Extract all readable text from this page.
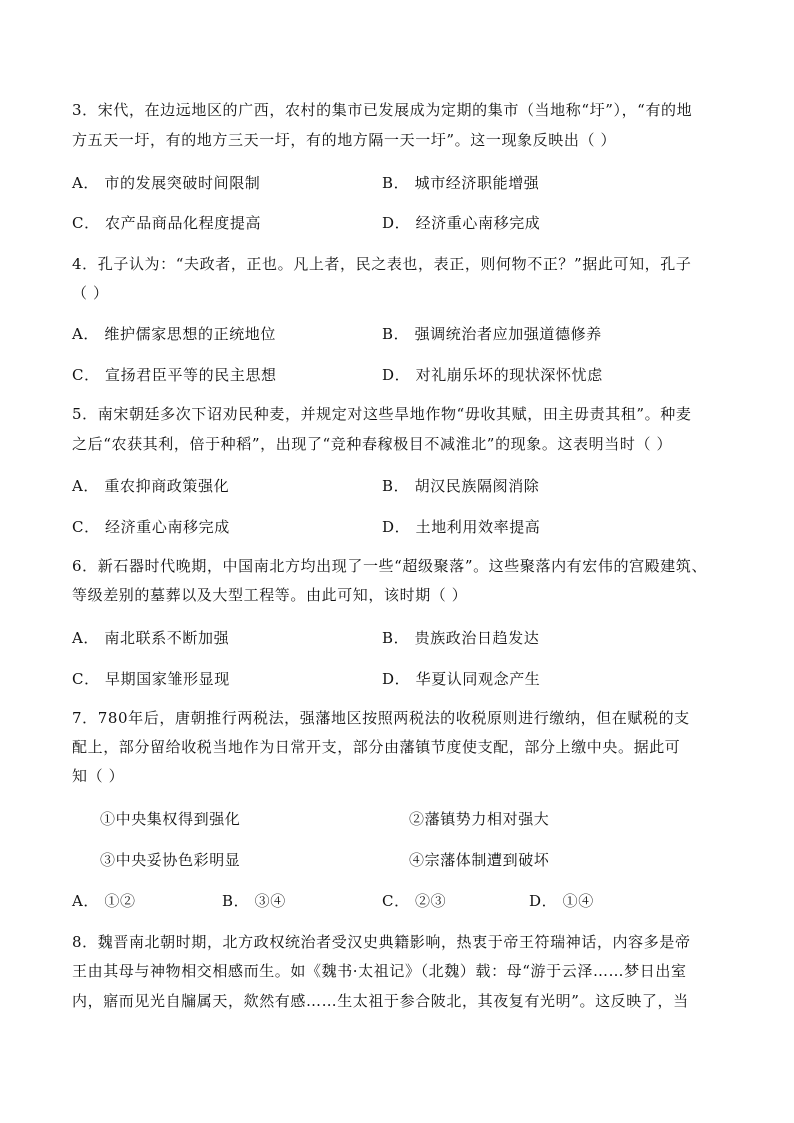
3．宋代，在边远地区的广西，农村的集市已发展成为定期的集市（当地称“圩”），“有的地
方五天一圩，有的地方三天一圩，有的地方隔一天一圩”。这一现象反映出（ ）
A． 市的发展突破时间限制	B． 城市经济职能增强
C． 农产品商品化程度提高	D． 经济重心南移完成
4．孔子认为：“夫政者，正也。凡上者，民之表也，表正，则何物不正？”据此可知，孔子
（ ）
A． 维护儒家思想的正统地位	B． 强调统治者应加强道德修养
C． 宣扬君臣平等的民主思想	D． 对礼崩乐坏的现状深怀忧虑
5．南宋朝廷多次下诏劝民种麦，并规定对这些旱地作物“毋收其赋，田主毋责其租”。种麦
之后“农获其利，倍于种稻”，出现了“竞种春稼极目不减淮北”的现象。这表明当时（ ）
A． 重农抑商政策强化	B． 胡汉民族隔阂消除
C． 经济重心南移完成	D． 土地利用效率提高
6．新石器时代晚期，中国南北方均出现了一些“超级聚落”。这些聚落内有宏伟的宫殿建筑、
等级差别的墓葬以及大型工程等。由此可知，该时期（ ）
A． 南北联系不断加强	B． 贵族政治日趋发达
C． 早期国家雏形显现	D． 华夏认同观念产生
7．780年后，唐朝推行两税法，强藩地区按照两税法的收税原则进行缴纳，但在赋税的支
配上，部分留给收税当地作为日常开支，部分由藩镇节度使支配，部分上缴中央。据此可
知（ ）
①中央集权得到强化	②藩镇势力相对强大
③中央妥协色彩明显	④宗藩体制遭到破坏
A． ①②	B． ③④	C． ②③	D． ①④
8．魏晋南北朝时期，北方政权统治者受汉史典籍影响，热衷于帝王符瑞神话，内容多是帝
王由其母与神物相交相感而生。如《魏书·太祖记》（北魏）载：母“游于云泽……梦日出室
内，寤而见光自牖属天，欻然有感……生太祖于参合陂北，其夜复有光明”。这反映了，当
